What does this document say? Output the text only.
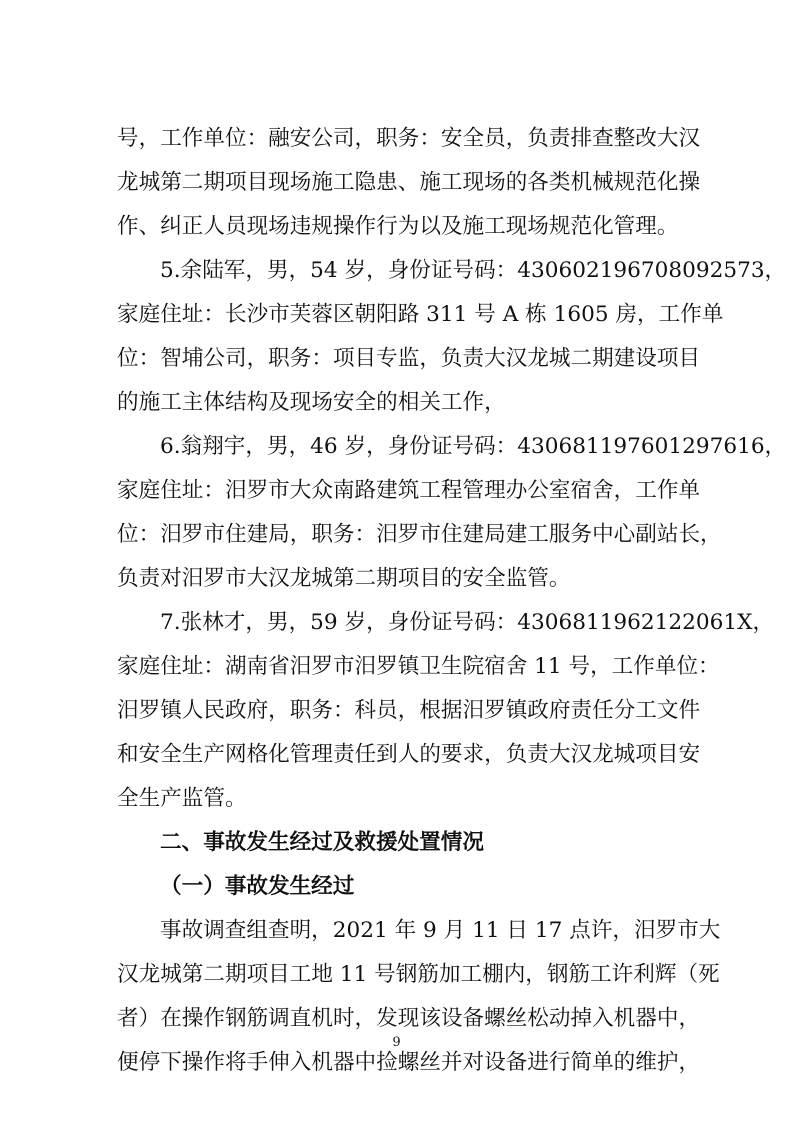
号，工作单位：融安公司，职务：安全员，负责排查整改大汉
龙城第二期项目现场施工隐患、施工现场的各类机械规范化操
作、纠正人员现场违规操作行为以及施工现场规范化管理。
5.余陆军，男，54 岁，身份证号码：430602196708092573，
家庭住址：长沙市芙蓉区朝阳路 311 号 A 栋 1605 房，工作单
位：智埔公司，职务：项目专监，负责大汉龙城二期建设项目
的施工主体结构及现场安全的相关工作，
6.翁翔宇，男，46 岁，身份证号码：430681197601297616，
家庭住址：汨罗市大众南路建筑工程管理办公室宿舍，工作单
位：汨罗市住建局，职务：汨罗市住建局建工服务中心副站长，
负责对汨罗市大汉龙城第二期项目的安全监管。
7.张林才，男，59 岁，身份证号码：4306811962122061X，
家庭住址：湖南省汨罗市汨罗镇卫生院宿舍 11 号，工作单位：
汨罗镇人民政府，职务：科员，根据汨罗镇政府责任分工文件
和安全生产网格化管理责任到人的要求，负责大汉龙城项目安
全生产监管。
二、事故发生经过及救援处置情况
（一）事故发生经过
事故调查组查明，2021 年 9 月 11 日 17 点许，汨罗市大
汉龙城第二期项目工地 11 号钢筋加工棚内，钢筋工许利辉（死
者）在操作钢筋调直机时，发现该设备螺丝松动掉入机器中，
便停下操作将手伸入机器中捡螺丝并对设备进行简单的维护，
9
